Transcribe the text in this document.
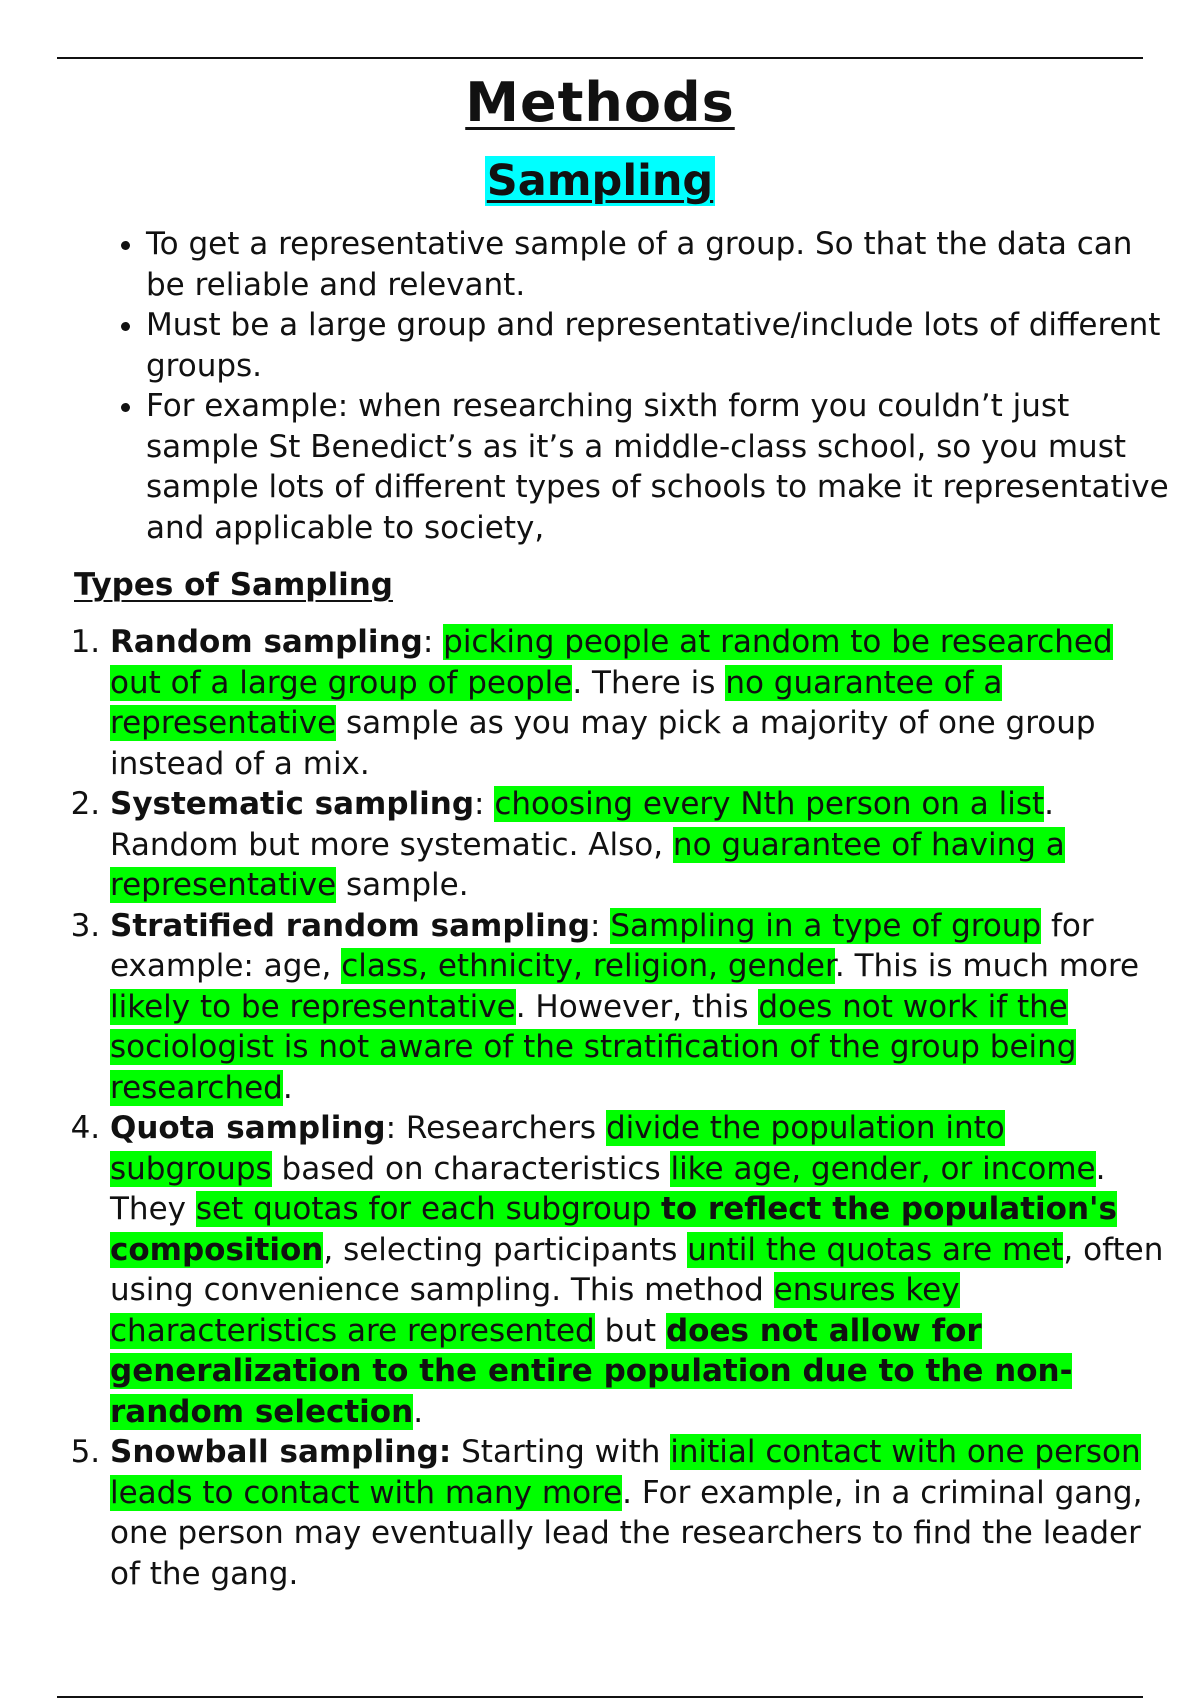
Methods
Sampling
• To get a representative sample of a group. So that the data can be reliable and relevant.
• Must be a large group and representative/include lots of different groups.
• For example: when researching sixth form you couldn’t just sample St Benedict’s as it’s a middle-class school, so you must sample lots of different types of schools to make it representative and applicable to society,
Types of Sampling
1. Random sampling: picking people at random to be researched out of a large group of people. There is no guarantee of a representative sample as you may pick a majority of one group instead of a mix.
2. Systematic sampling: choosing every Nth person on a list. Random but more systematic. Also, no guarantee of having a representative sample.
3. Stratified random sampling: Sampling in a type of group for example: age, class, ethnicity, religion, gender. This is much more likely to be representative. However, this does not work if the sociologist is not aware of the stratification of the group being researched.
4. Quota sampling: Researchers divide the population into subgroups based on characteristics like age, gender, or income. They set quotas for each subgroup to reflect the population's composition, selecting participants until the quotas are met, often using convenience sampling. This method ensures key characteristics are represented but does not allow for generalization to the entire population due to the non-random selection.
5. Snowball sampling: Starting with initial contact with one person leads to contact with many more. For example, in a criminal gang, one person may eventually lead the researchers to find the leader of the gang.
